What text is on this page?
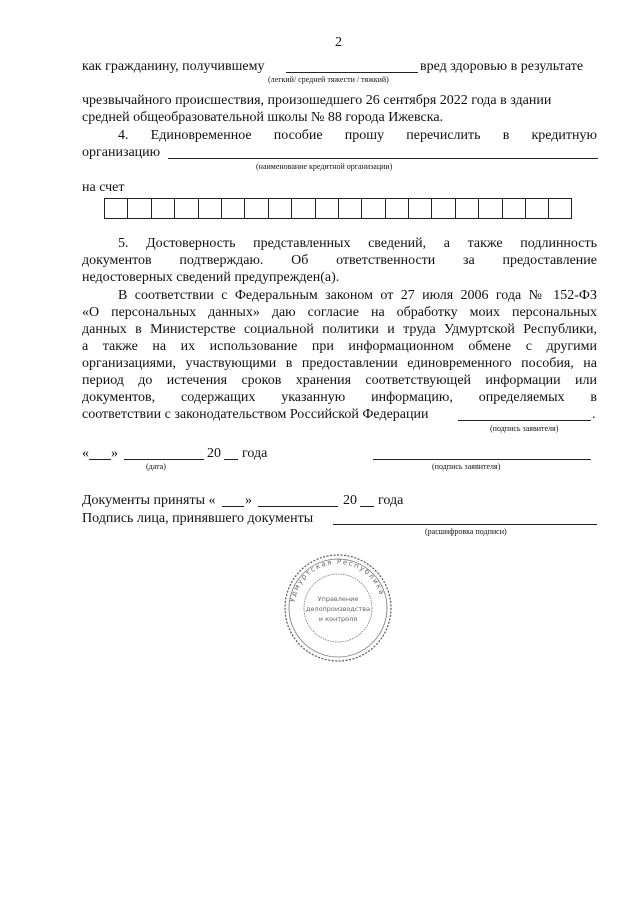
2
как гражданину, получившему	вред здоровью в результате
(легкий/ средней тяжести / тяжкий)
чрезвычайного происшествия, произошедшего 26 сентября 2022 года в здании
средней общеобразовательной школы № 88 города Ижевска.
4. Единовременное пособие прошу перечислить в кредитную
организацию
(наименование кредитной организации)
на счет
5. Достоверность представленных сведений, а также подлинность
документов подтверждаю. Об ответственности за предоставление
недостоверных сведений предупрежден(а).
В соответствии с Федеральным законом от 27 июля 2006 года № 152-ФЗ
«О персональных данных» даю согласие на обработку моих персональных
данных в Министерстве социальной политики и труда Удмуртской Республики,
а также на их использование при информационном обмене с другими
организациями, участвующими в предоставлении единовременного пособия, на
период до истечения сроков хранения соответствующей информации или
документов, содержащих указанную информацию, определяемых в
соответствии с законодательством Российской Федерации	.
(подпись заявителя)
« »	20 года
(дата)	(подпись заявителя)
Документы приняты « »	20 года
Подпись лица, принявшего документы
(расшифровка подписи)
Удмуртская Республика
Управление
делопроизводства
и контроля
